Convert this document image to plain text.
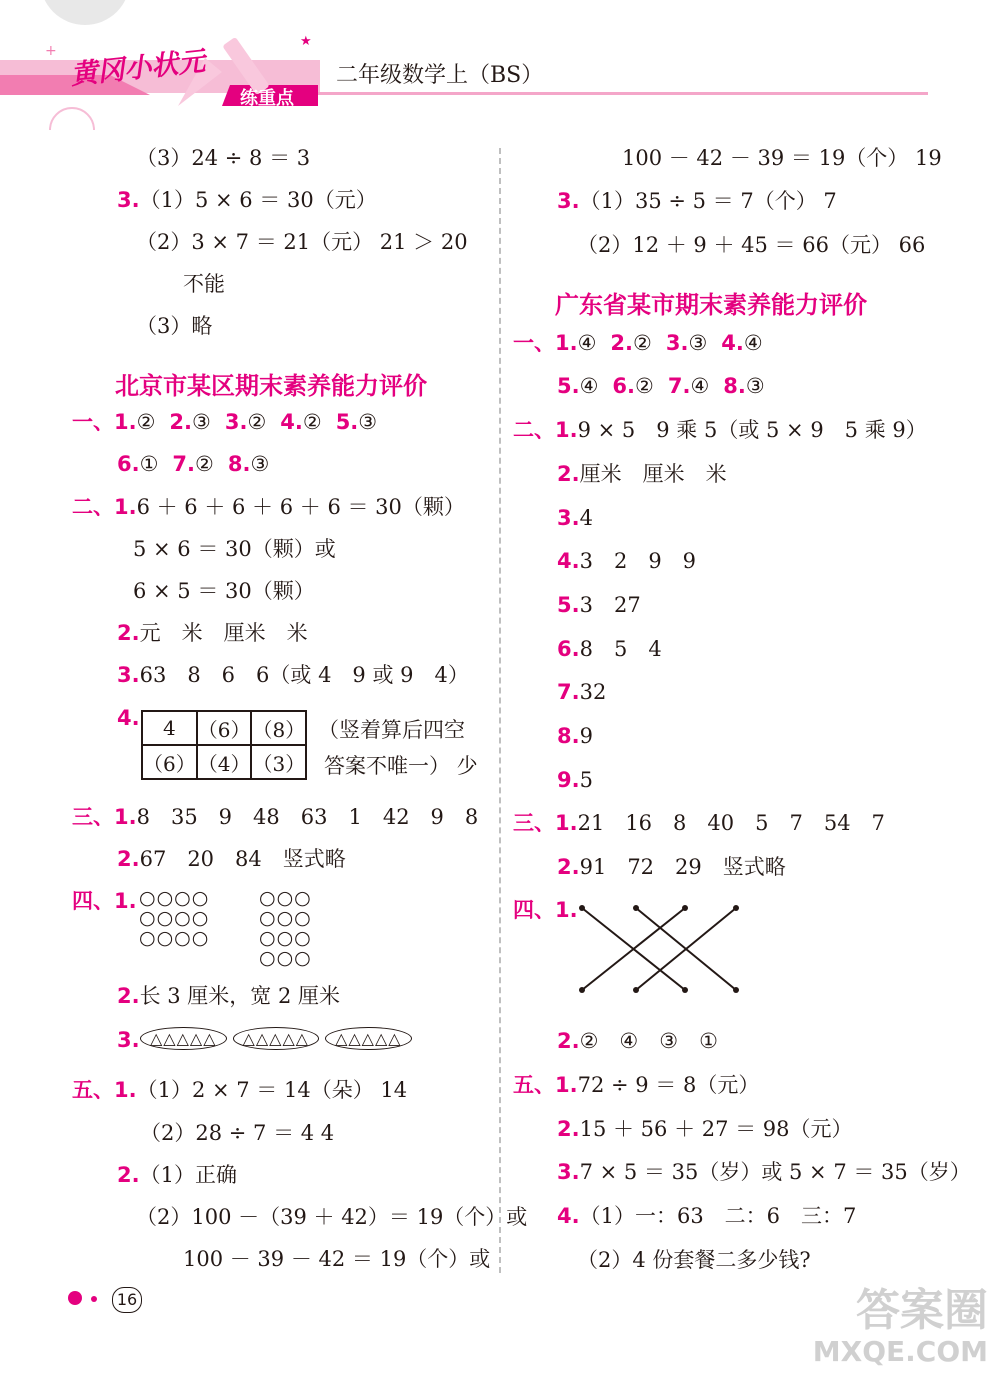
+
★
黄冈小状元
练重点
二年级数学上（BS）
（3）24 ÷ 8 ＝ 3
3.（1）5 × 6 ＝ 30（元）
（2）3 × 7 ＝ 21（元） 21 ＞ 20
不能
（3）略
北京市某区期末素养能力评价
一、1.② 2.③ 3.② 4.② 5.③
6.① 7.② 8.③
二、1.6 ＋ 6 ＋ 6 ＋ 6 ＋ 6 ＝ 30（颗）
5 × 6 ＝ 30（颗）或
6 × 5 ＝ 30（颗）
2.元　米　厘米　米
3.63　8　6　6（或 4　9 或 9　4）
4. 4	（6）	（8）
（6）	（4）	（3）
（竖着算后四空
答案不唯一） 少
三、1.8　35　9　48　63　1　42　9　8
2.67　20　84　竖式略
四、1. ○○○○
○○○○
○○○○
○○○
○○○
○○○
○○○
2.长 3 厘米，宽 2 厘米
3. △△△△△ △△△△△ △△△△△
五、1.（1）2 × 7 ＝ 14（朵） 14
（2）28 ÷ 7 ＝ 4 4
2.（1）正确
（2）100 －（39 ＋ 42）＝ 19（个）或
100 － 39 － 42 ＝ 19（个）或
100 － 42 － 39 ＝ 19（个） 19
3.（1）35 ÷ 5 ＝ 7（个） 7
（2）12 ＋ 9 ＋ 45 ＝ 66（元） 66
广东省某市期末素养能力评价
一、1.④ 2.② 3.③ 4.④
5.④ 6.② 7.④ 8.③
二、1.9 × 5　9 乘 5（或 5 × 9　5 乘 9）
2.厘米　厘米　米
3.4
4.3　2　9　9
5.3　27
6.8　5　4
7.32
8.9
9.5
三、1.21　16　8　40　5　7　54　7
2.91　72　29　竖式略
四、1.
2.②　④　③　①
五、1.72 ÷ 9 ＝ 8（元）
2.15 ＋ 56 ＋ 27 ＝ 98（元）
3.7 × 5 ＝ 35（岁）或 5 × 7 ＝ 35（岁）
4.（1）一：63　二：6　三：7
（2）4 份套餐二多少钱?
16	答案圈
MXQE.COM
